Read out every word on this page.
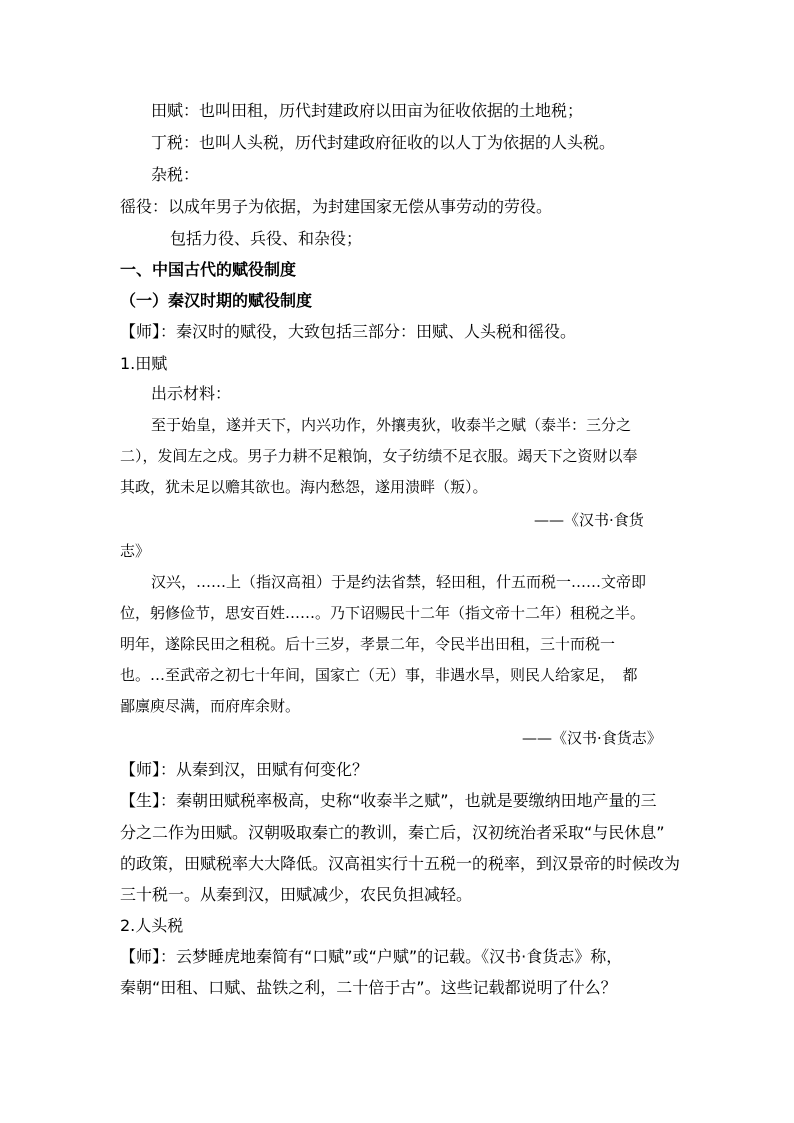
田赋：也叫田租，历代封建政府以田亩为征收依据的土地税；
丁税：也叫人头税，历代封建政府征收的以人丁为依据的人头税。
杂税：
徭役：以成年男子为依据，为封建国家无偿从事劳动的劳役。
包括力役、兵役、和杂役；
一、中国古代的赋役制度
（一）秦汉时期的赋役制度
【师】：秦汉时的赋役，大致包括三部分：田赋、人头税和徭役。
1.田赋
出示材料：
至于始皇，遂并天下，内兴功作，外攘夷狄，收泰半之赋（泰半：三分之
二），发闾左之戍。男子力耕不足粮饷，女子纺绩不足衣服。竭天下之资财以奉
其政，犹未足以赡其欲也。海内愁怨，遂用溃畔（叛）。
——《汉书·食货
志》
汉兴，……上（指汉高祖）于是约法省禁，轻田租，什五而税一……文帝即
位，躬修俭节，思安百姓……。乃下诏赐民十二年（指文帝十二年）租税之半。
明年，遂除民田之租税。后十三岁，孝景二年，令民半出田租，三十而税一
也。…至武帝之初七十年间，国家亡（无）事，非遇水旱，则民人给家足，　都
鄙廪庾尽满，而府库余财。
——《汉书·食货志》
【师】：从秦到汉，田赋有何变化？
【生】：秦朝田赋税率极高，史称“收泰半之赋”，也就是要缴纳田地产量的三
分之二作为田赋。汉朝吸取秦亡的教训，秦亡后，汉初统治者采取“与民休息”
的政策，田赋税率大大降低。汉高祖实行十五税一的税率，到汉景帝的时候改为
三十税一。从秦到汉，田赋减少，农民负担减轻。
2.人头税
【师】：云梦睡虎地秦简有“口赋”或“户赋”的记载。《汉书·食货志》称，
秦朝“田租、口赋、盐铁之利，二十倍于古”。这些记载都说明了什么？
